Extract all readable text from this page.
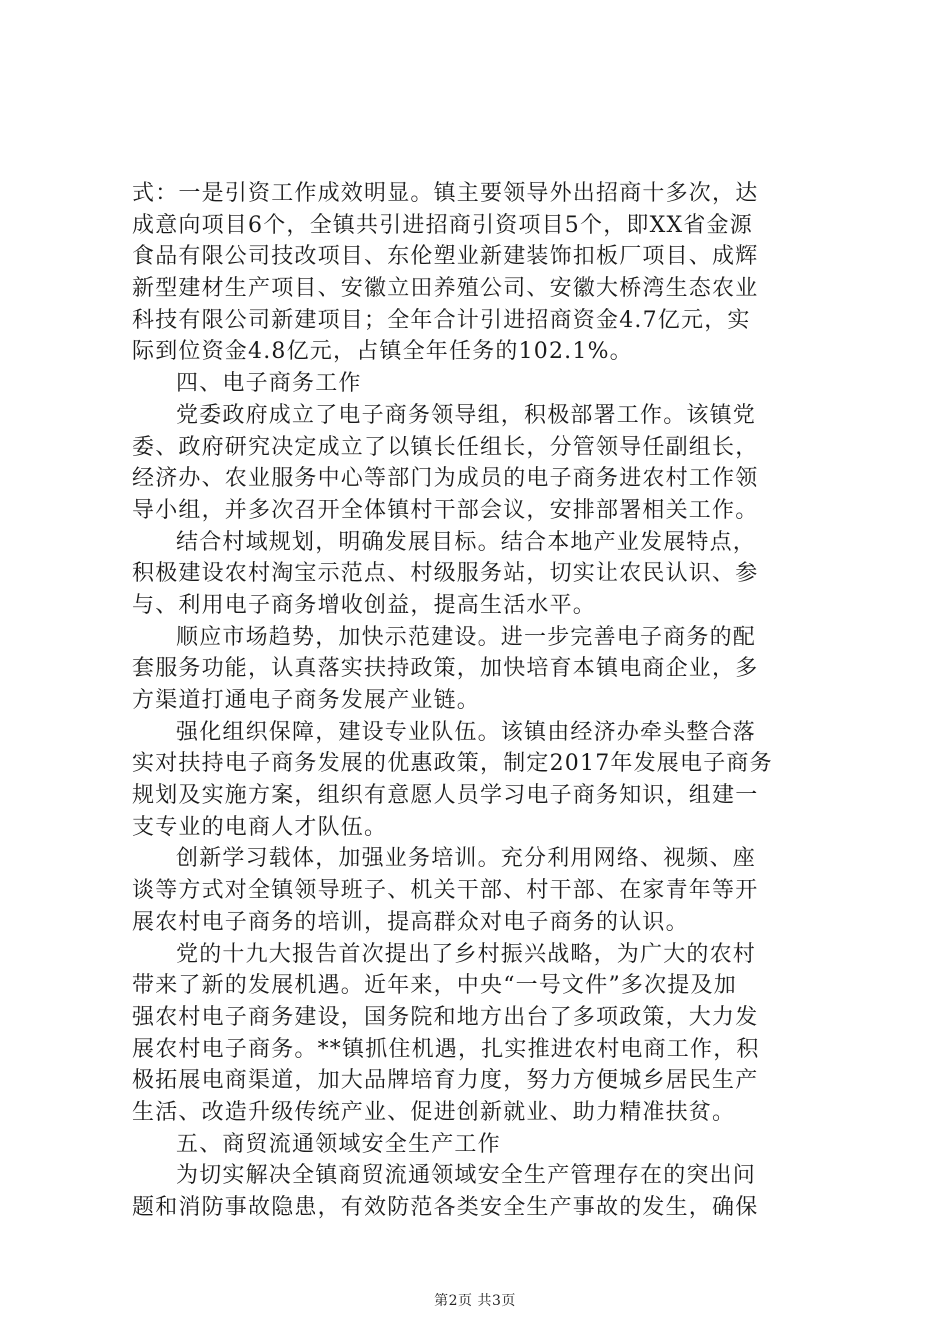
式：一是引资工作成效明显。镇主要领导外出招商十多次，达
成意向项目6个，全镇共引进招商引资项目5个，即XX省金源
食品有限公司技改项目、东伦塑业新建装饰扣板厂项目、成辉
新型建材生产项目、安徽立田养殖公司、安徽大桥湾生态农业
科技有限公司新建项目；全年合计引进招商资金4.7亿元，实
际到位资金4.8亿元，占镇全年任务的102.1%。
四、电子商务工作
党委政府成立了电子商务领导组，积极部署工作。该镇党
委、政府研究决定成立了以镇长任组长，分管领导任副组长，
经济办、农业服务中心等部门为成员的电子商务进农村工作领
导小组，并多次召开全体镇村干部会议，安排部署相关工作。
结合村域规划，明确发展目标。结合本地产业发展特点，
积极建设农村淘宝示范点、村级服务站，切实让农民认识、参
与、利用电子商务增收创益，提高生活水平。
顺应市场趋势，加快示范建设。进一步完善电子商务的配
套服务功能，认真落实扶持政策，加快培育本镇电商企业，多
方渠道打通电子商务发展产业链。
强化组织保障，建设专业队伍。该镇由经济办牵头整合落
实对扶持电子商务发展的优惠政策，制定2017年发展电子商务
规划及实施方案，组织有意愿人员学习电子商务知识，组建一
支专业的电商人才队伍。
创新学习载体，加强业务培训。充分利用网络、视频、座
谈等方式对全镇领导班子、机关干部、村干部、在家青年等开
展农村电子商务的培训，提高群众对电子商务的认识。
党的十九大报告首次提出了乡村振兴战略，为广大的农村
带来了新的发展机遇。近年来，中央“一号文件”多次提及加
强农村电子商务建设，国务院和地方出台了多项政策，大力发
展农村电子商务。**镇抓住机遇，扎实推进农村电商工作，积
极拓展电商渠道，加大品牌培育力度，努力方便城乡居民生产
生活、改造升级传统产业、促进创新就业、助力精准扶贫。
五、商贸流通领域安全生产工作
为切实解决全镇商贸流通领域安全生产管理存在的突出问
题和消防事故隐患，有效防范各类安全生产事故的发生，确保
第2页 共3页
